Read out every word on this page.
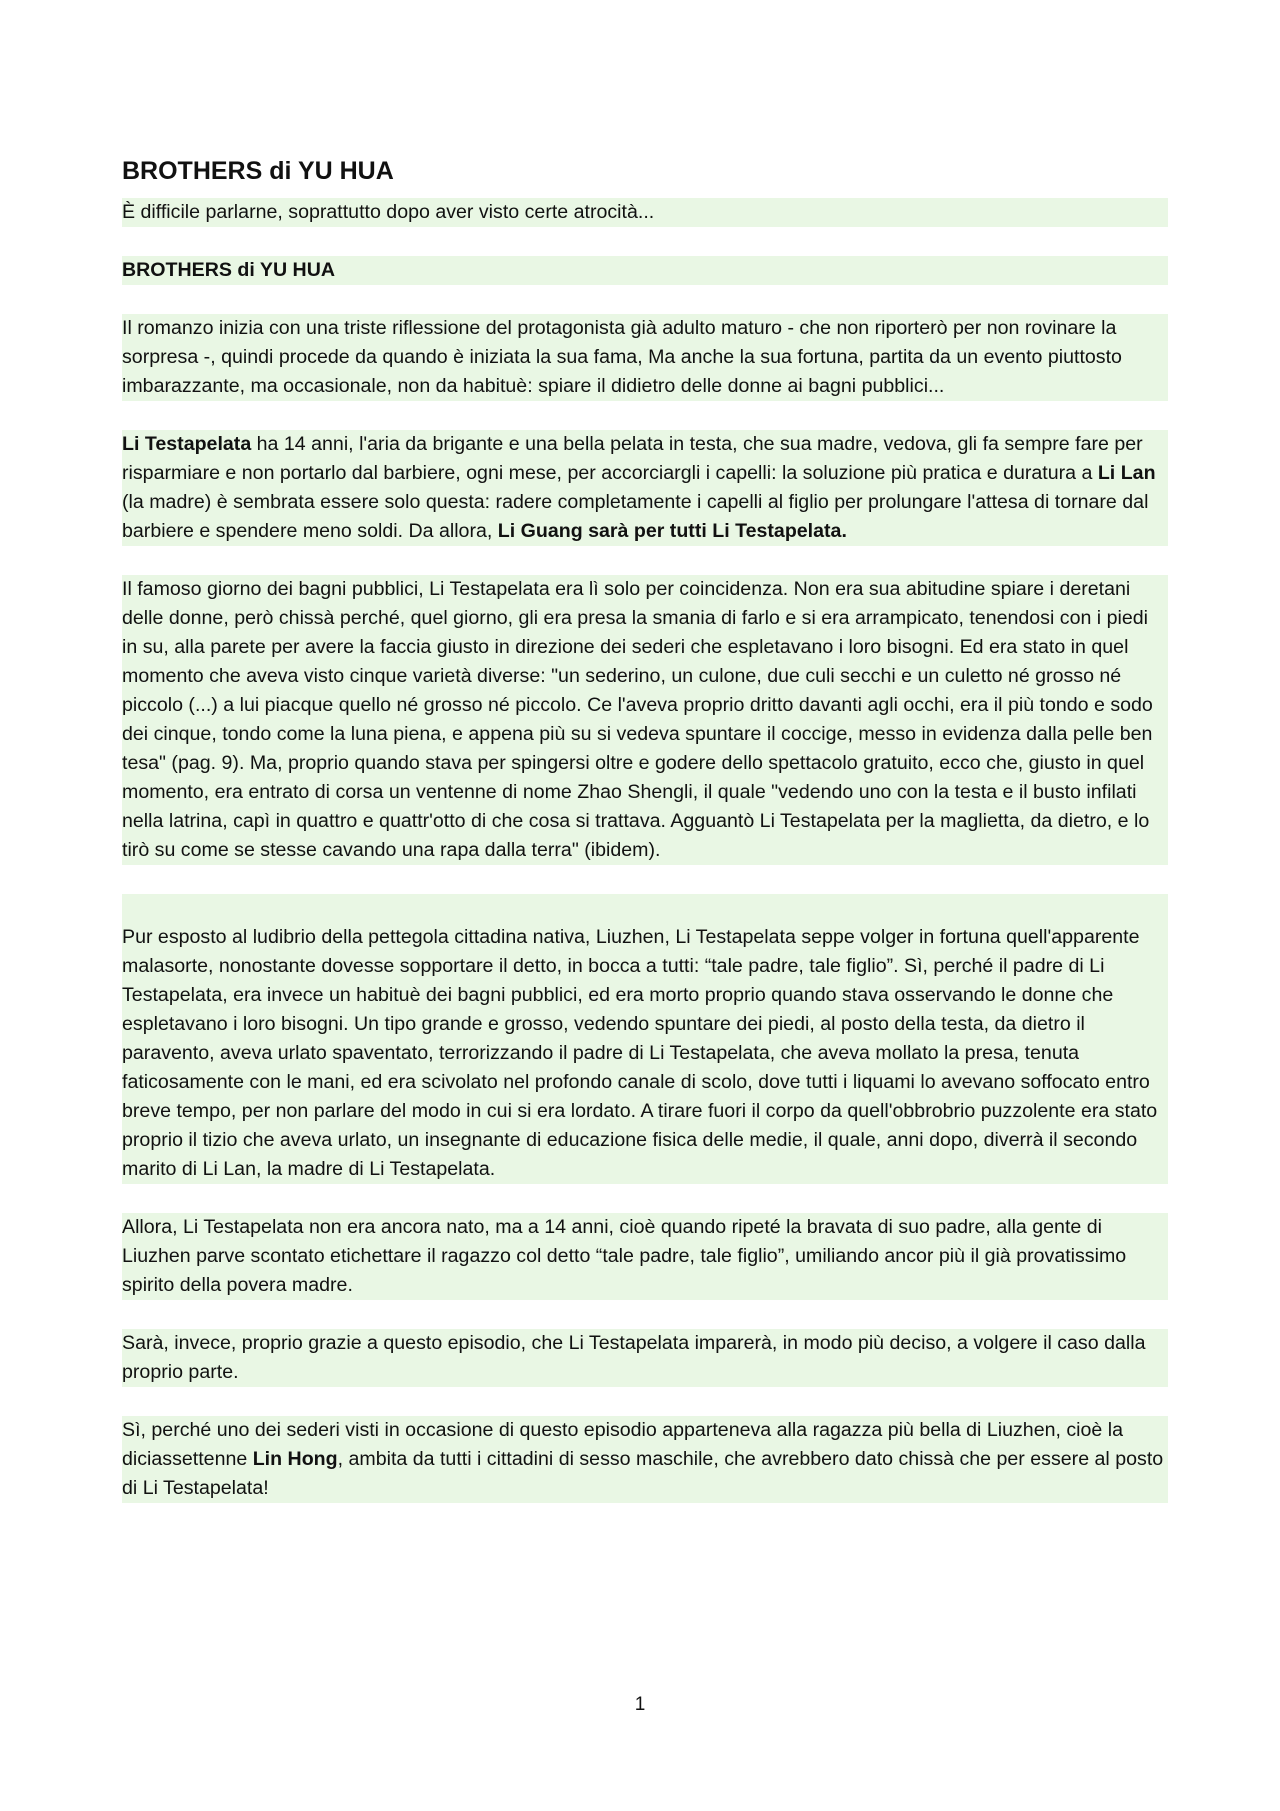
BROTHERS di YU HUA
È difficile parlarne, soprattutto dopo aver visto certe atrocità...
BROTHERS di YU HUA
Il romanzo inizia con una triste riflessione del protagonista già adulto maturo - che non riporterò per non rovinare la sorpresa -, quindi procede da quando è iniziata la sua fama, Ma anche la sua fortuna, partita da un evento piuttosto imbarazzante, ma occasionale, non da habituè: spiare il didietro delle donne ai bagni pubblici...
Li Testapelata ha 14 anni, l'aria da brigante e una bella pelata in testa, che sua madre, vedova, gli fa sempre fare per risparmiare e non portarlo dal barbiere, ogni mese, per accorciargli i capelli: la soluzione più pratica e duratura a Li Lan (la madre) è sembrata essere solo questa: radere completamente i capelli al figlio per prolungare l'attesa di tornare dal barbiere e spendere meno soldi. Da allora, Li Guang sarà per tutti Li Testapelata.
Il famoso giorno dei bagni pubblici, Li Testapelata era lì solo per coincidenza. Non era sua abitudine spiare i deretani delle donne, però chissà perché, quel giorno, gli era presa la smania di farlo e si era arrampicato, tenendosi con i piedi in su, alla parete per avere la faccia giusto in direzione dei sederi che espletavano i loro bisogni. Ed era stato in quel momento che aveva visto cinque varietà diverse: "un sederino, un culone, due culi secchi e un culetto né grosso né piccolo (...) a lui piacque quello né grosso né piccolo. Ce l'aveva proprio dritto davanti agli occhi, era il più tondo e sodo dei cinque, tondo come la luna piena, e appena più su si vedeva spuntare il coccige, messo in evidenza dalla pelle ben tesa" (pag. 9). Ma, proprio quando stava per spingersi oltre e godere dello spettacolo gratuito, ecco che, giusto in quel momento, era entrato di corsa un ventenne di nome Zhao Shengli, il quale "vedendo uno con la testa e il busto infilati nella latrina, capì in quattro e quattr'otto di che cosa si trattava. Agguantò Li Testapelata per la maglietta, da dietro, e lo tirò su come se stesse cavando una rapa dalla terra" (ibidem).
Pur esposto al ludibrio della pettegola cittadina nativa, Liuzhen, Li Testapelata seppe volger in fortuna quell'apparente malasorte, nonostante dovesse sopportare il detto, in bocca a tutti: “tale padre, tale figlio”. Sì, perché il padre di Li Testapelata, era invece un habituè dei bagni pubblici, ed era morto proprio quando stava osservando le donne che espletavano i loro bisogni. Un tipo grande e grosso, vedendo spuntare dei piedi, al posto della testa, da dietro il paravento, aveva urlato spaventato, terrorizzando il padre di Li Testapelata, che aveva mollato la presa, tenuta faticosamente con le mani, ed era scivolato nel profondo canale di scolo, dove tutti i liquami lo avevano soffocato entro breve tempo, per non parlare del modo in cui si era lordato. A tirare fuori il corpo da quell'obbrobrio puzzolente era stato proprio il tizio che aveva urlato, un insegnante di educazione fisica delle medie, il quale, anni dopo, diverrà il secondo marito di Li Lan, la madre di Li Testapelata.
Allora, Li Testapelata non era ancora nato, ma a 14 anni, cioè quando ripeté la bravata di suo padre, alla gente di Liuzhen parve scontato etichettare il ragazzo col detto “tale padre, tale figlio”, umiliando ancor più il già provatissimo spirito della povera madre.
Sarà, invece, proprio grazie a questo episodio, che Li Testapelata imparerà, in modo più deciso, a volgere il caso dalla proprio parte.
Sì, perché uno dei sederi visti in occasione di questo episodio apparteneva alla ragazza più bella di Liuzhen, cioè la diciassettenne Lin Hong, ambita da tutti i cittadini di sesso maschile, che avrebbero dato chissà che per essere al posto di Li Testapelata!
1
